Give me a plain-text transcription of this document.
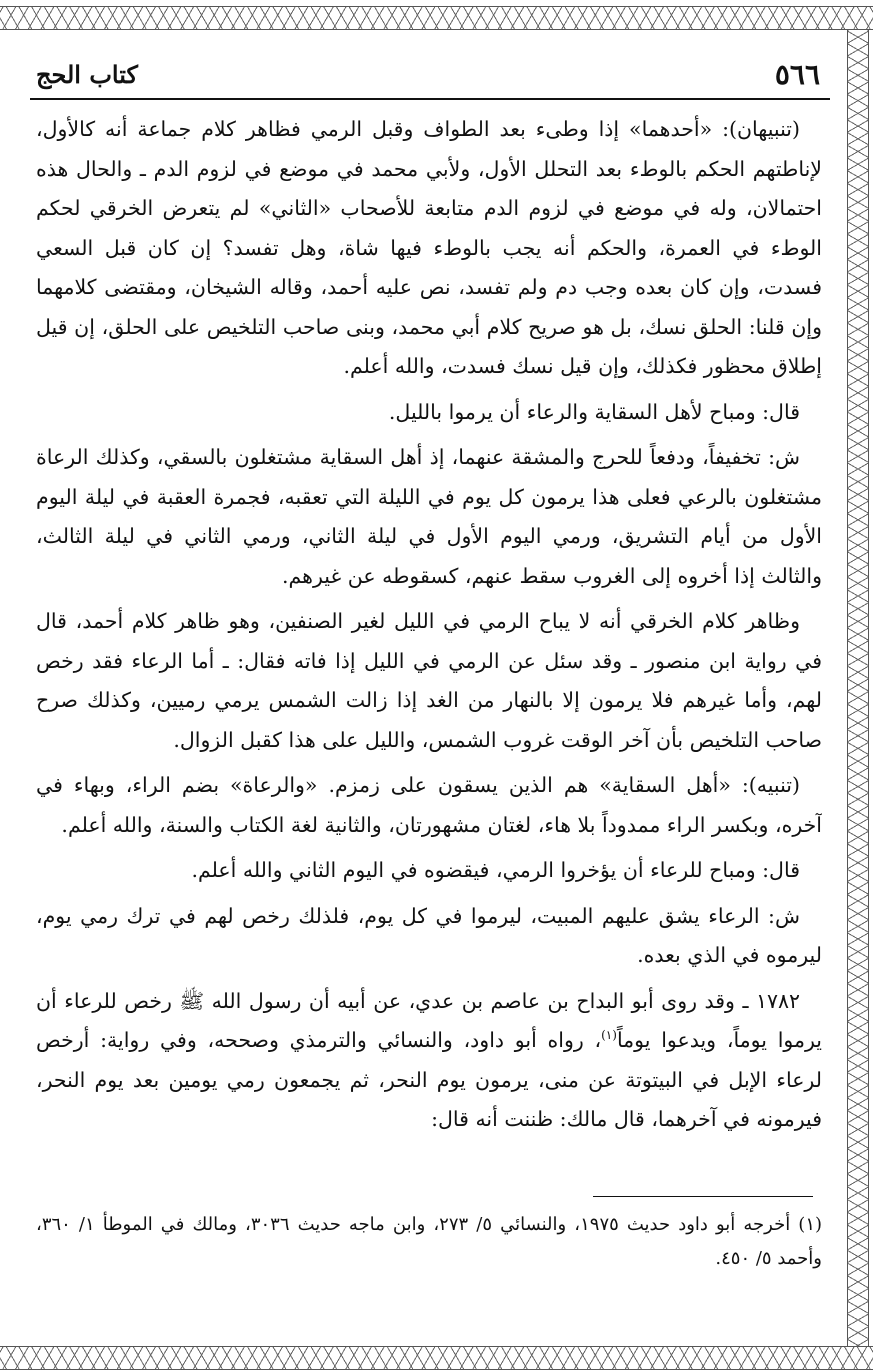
٥٦٦
كتاب الحج

(تنبيهان): «أحدهما» إذا وطىء بعد الطواف وقبل الرمي فظاهر كلام جماعة أنه كالأول، لإناطتهم الحكم بالوطء بعد التحلل الأول، ولأبي محمد في موضع في لزوم الدم ـ والحال هذه احتمالان، وله في موضع في لزوم الدم متابعة للأصحاب «الثاني» لم يتعرض الخرقي لحكم الوطء في العمرة، والحكم أنه يجب بالوطء فيها شاة، وهل تفسد؟ إن كان قبل السعي فسدت، وإن كان بعده وجب دم ولم تفسد، نص عليه أحمد، وقاله الشيخان، ومقتضى كلامهما وإن قلنا: الحلق نسك، بل هو صريح كلام أبي محمد، وبنى صاحب التلخيص على الحلق، إن قيل إطلاق محظور فكذلك، وإن قيل نسك فسدت، والله أعلم.

قال: ومباح لأهل السقاية والرعاء أن يرموا بالليل.

ش: تخفيفاً، ودفعاً للحرج والمشقة عنهما، إذ أهل السقاية مشتغلون بالسقي، وكذلك الرعاة مشتغلون بالرعي فعلى هذا يرمون كل يوم في الليلة التي تعقبه، فجمرة العقبة في ليلة اليوم الأول من أيام التشريق، ورمي اليوم الأول في ليلة الثاني، ورمي الثاني في ليلة الثالث، والثالث إذا أخروه إلى الغروب سقط عنهم، كسقوطه عن غيرهم.

وظاهر كلام الخرقي أنه لا يباح الرمي في الليل لغير الصنفين، وهو ظاهر كلام أحمد، قال في رواية ابن منصور ـ وقد سئل عن الرمي في الليل إذا فاته فقال: ـ أما الرعاء فقد رخص لهم، وأما غيرهم فلا يرمون إلا بالنهار من الغد إذا زالت الشمس يرمي رميين، وكذلك صرح صاحب التلخيص بأن آخر الوقت غروب الشمس، والليل على هذا كقبل الزوال.

(تنبيه): «أهل السقاية» هم الذين يسقون على زمزم. «والرعاة» بضم الراء، وبهاء في آخره، وبكسر الراء ممدوداً بلا هاء، لغتان مشهورتان، والثانية لغة الكتاب والسنة، والله أعلم.

قال: ومباح للرعاء أن يؤخروا الرمي، فيقضوه في اليوم الثاني والله أعلم.

ش: الرعاء يشق عليهم المبيت، ليرموا في كل يوم، فلذلك رخص لهم في ترك رمي يوم، ليرموه في الذي بعده.

١٧٨٢ ـ وقد روى أبو البداح بن عاصم بن عدي، عن أبيه أن رسول الله ﷺ رخص للرعاء أن يرموا يوماً، ويدعوا يوماً$^{(١)}$، رواه أبو داود، والنسائي والترمذي وصححه، وفي رواية: أرخص لرعاء الإبل في البيتوتة عن منى، يرمون يوم النحر، ثم يجمعون رمي يومين بعد يوم النحر، فيرمونه في آخرهما، قال مالك: ظننت أنه قال:

(١) أخرجه أبو داود حديث ١٩٧٥، والنسائي ٥/ ٢٧٣، وابن ماجه حديث ٣٠٣٦، ومالك في الموطأ ١/ ٣٦٠، وأحمد ٥/ ٤٥٠.
